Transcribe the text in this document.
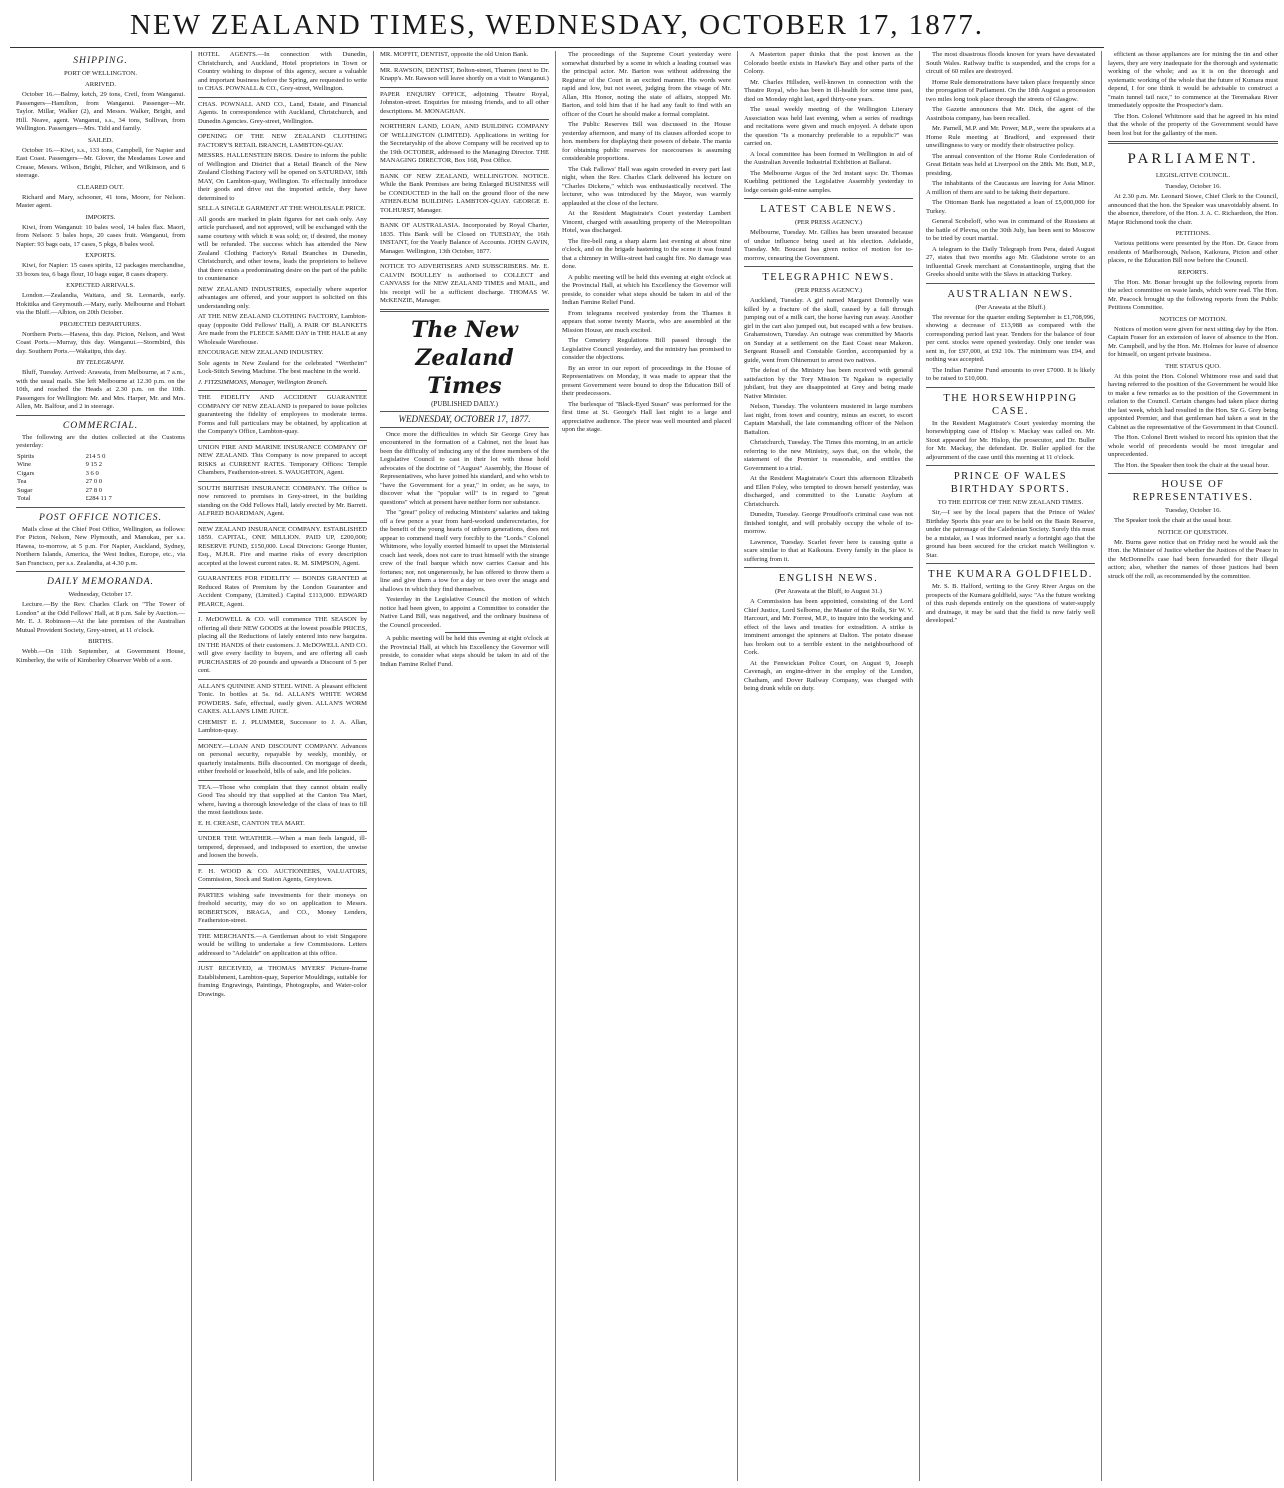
NEW ZEALAND TIMES, WEDNESDAY, OCTOBER 17, 1877.
SHIPPING.
PORT OF WELLINGTON.
ARRIVED.

October 16.—Balmy, ketch, 29 tons, Creil, from Wanganui. Passengers—Hamilton, from Wanganui. Passenger—Mr. Taylor. Millar, Walker (2), and Messrs. Walker, Bright, and Hill. Neave, agent. Wanganui, s.s., 34 tons, Sullivan, from Wellington. Passengers—Mrs. Tidd and family.

SAILED.

October 16.—Kiwi, s.s., 133 tons, Campbell, for Napier and East Coast. Passengers—Mr. Glover, the Mesdames Lowe and Crease, Messrs. Wilson, Bright, Pilcher, and Wilkinson, and 6 steerage.

CLEARED OUT.

Richard and Mary, schooner, 41 tons, Moore, for Nelson. Master agent.

IMPORTS.

Kiwi, from Wanganui: 10 bales wool, 14 bales flax. Maori, from Nelson: 5 bales hops, 20 cases fruit. Wanganui, from Napier: 93 bags oats, 17 cases, 5 pkgs, 8 bales wool.

EXPORTS.

Kiwi, for Napier: 15 cases spirits, 12 packages merchandise, 33 boxes tea, 6 bags flour, 10 bags sugar, 8 cases drapery.

EXPECTED ARRIVALS.

London.—Zealandia, Waitara, and St. Leonards, early. Hokitika and Greymouth.—Mary, early. Melbourne and Hobart via the Bluff.—Albion, on 20th October.

PROJECTED DEPARTURES.

Northern Ports.—Hawea, this day. Picton, Nelson, and West Coast Ports.—Murray, this day. Wanganui.—Stormbird, this day. Southern Ports.—Wakatipu, this day.

BY TELEGRAPH.

Bluff, Tuesday. Arrived: Arawata, from Melbourne, at 7 a.m., with the usual mails. She left Melbourne at 12.30 p.m. on the 10th, and reached the Heads at 2.30 p.m. on the 10th. Passengers for Wellington: Mr. and Mrs. Harper, Mr. and Mrs. Allen, Mr. Balfour, and 2 in steerage.

COMMERCIAL.

The following are the duties collected at the Customs yesterday:

Spirits	214 5 0
Wine	9 15 2
Cigars	3 6 0
Tea	27 0 0
Sugar	27 8 0
Total	£284 11 7
POST OFFICE NOTICES.

Mails close at the Chief Post Office, Wellington, as follows: For Picton, Nelson, New Plymouth, and Manukau, per s.s. Hawea, to-morrow, at 5 p.m. For Napier, Auckland, Sydney, Northern Islands, America, the West Indies, Europe, etc., via San Francisco, per s.s. Zealandia, at 4.30 p.m.

DAILY MEMORANDA.
Wednesday, October 17.

Lecture.—By the Rev. Charles Clark on "The Tower of London" at the Odd Fellows' Hall, at 8 p.m. Sale by Auction.—Mr. E. J. Robinson—At the late premises of the Australian Mutual Provident Society, Grey-street, at 11 o'clock.

BIRTHS.

Webb.—On 11th September, at Government House, Kimberley, the wife of Kimberley Observer Webb of a son.

HOTEL AGENTS.—In connection with Dunedin, Christchurch, and Auckland, Hotel proprietors in Town or Country wishing to dispose of this agency, secure a valuable and important business before the Spring, are requested to write to CHAS. POWNALL & CO., Grey-street, Wellington.

CHAS. POWNALL AND CO., Land, Estate, and Financial Agents. In correspondence with Auckland, Christchurch, and Dunedin Agencies. Grey-street, Wellington.

OPENING OF THE NEW ZEALAND CLOTHING FACTORY'S RETAIL BRANCH, LAMBTON-QUAY.

MESSRS. HALLENSTEIN BROS. Desire to inform the public of Wellington and District that a Retail Branch of the New Zealand Clothing Factory will be opened on SATURDAY, 18th MAY, On Lambton-quay, Wellington. To effectually introduce their goods and drive out the imported article, they have determined to

SELL A SINGLE GARMENT AT THE WHOLESALE PRICE.

All goods are marked in plain figures for net cash only. Any article purchased, and not approved, will be exchanged with the same courtesy with which it was sold; or, if desired, the money will be refunded. The success which has attended the New Zealand Clothing Factory's Retail Branches in Dunedin, Christchurch, and other towns, leads the proprietors to believe that there exists a predominating desire on the part of the public to countenance

NEW ZEALAND INDUSTRIES, especially where superior advantages are offered, and your support is solicited on this understanding only.

AT THE NEW ZEALAND CLOTHING FACTORY, Lambton-quay (opposite Odd Fellows' Hall), A PAIR OF BLANKETS Are made from the FLEECE SAME DAY in THE HALE at any Wholesale Warehouse.

ENCOURAGE NEW ZEALAND INDUSTRY.

Sole agents in New Zealand for the celebrated "Wertheim" Lock-Stitch Sewing Machine. The best machine in the world.

J. FITZSIMMONS, Manager, Wellington Branch.

THE FIDELITY AND ACCIDENT GUARANTEE COMPANY OF NEW ZEALAND is prepared to issue policies guaranteeing the fidelity of employees to moderate terms. Forms and full particulars may be obtained, by application at the Company's Office, Lambton-quay.

UNION FIRE AND MARINE INSURANCE COMPANY OF NEW ZEALAND. This Company is now prepared to accept RISKS at CURRENT RATES. Temporary Offices: Temple Chambers, Featherston-street. S. WAUGHTON, Agent.

SOUTH BRITISH INSURANCE COMPANY. The Office is now removed to premises in Grey-street, in the building standing on the Odd Fellows Hall, lately erected by Mr. Barrett. ALFRED BOARDMAN, Agent.

NEW ZEALAND INSURANCE COMPANY. ESTABLISHED 1859. CAPITAL, ONE MILLION. PAID UP, £200,000; RESERVE FUND, £150,000. Local Directors: George Hunter, Esq., M.H.R. Fire and marine risks of every description accepted at the lowest current rates. R. M. SIMPSON, Agent.

GUARANTEES FOR FIDELITY — BONDS GRANTED at Reduced Rates of Premium by the London Guarantee and Accident Company, (Limited.) Capital £113,000. EDWARD PEARCE, Agent.

J. McDOWELL & CO. will commence THE SEASON by offering all their NEW GOODS at the lowest possible PRICES, placing all the Reductions of lately entered into new bargains. IN THE HANDS of their customers. J. McDOWELL AND CO. will give every facility to buyers, and are offering all cash PURCHASERS of 20 pounds and upwards a Discount of 5 per cent.

ALLAN'S QUININE AND STEEL WINE. A pleasant efficient Tonic. In bottles at 5s. 6d. ALLAN'S WHITE WORM POWDERS. Safe, effectual, easily given. ALLAN'S WORM CAKES. ALLAN'S LIME JUICE.

CHEMIST E. J. PLUMMER, Successor to J. A. Allan, Lambton-quay.

MONEY.—LOAN AND DISCOUNT COMPANY. Advances on personal security, repayable by weekly, monthly, or quarterly instalments. Bills discounted. On mortgage of deeds, either freehold or leasehold, bills of sale, and life policies.

TEA.—Those who complain that they cannot obtain really Good Tea should try that supplied at the Canton Tea Mart, where, having a thorough knowledge of the class of teas to fill the most fastidious taste.

E. H. CREASE, CANTON TEA MART.

UNDER THE WEATHER.—When a man feels languid, ill-tempered, depressed, and indisposed to exertion, the unwise and loosen the bowels.

F. H. WOOD & CO. AUCTIONEERS, VALUATORS, Commission, Stock and Station Agents, Greytown.

PARTIES wishing safe investments for their moneys on freehold security, may do so on application to Messrs. ROBERTSON, BRAGA, and CO., Money Lenders, Featherston-street.

THE MERCHANTS.—A Gentleman about to visit Singapore would be willing to undertake a few Commissions. Letters addressed to "Adelaide" on application at this office.

JUST RECEIVED, at THOMAS MYERS' Picture-frame Establishment, Lambton-quay, Superior Mouldings, suitable for framing Engravings, Paintings, Photographs, and Water-color Drawings.

MR. MOFFIT, DENTIST, opposite the old Union Bank.

MR. RAWSON, DENTIST, Bolton-street, Thames (next to Dr. Knapp's. Mr. Rawson will leave shortly on a visit to Wanganui.)

PAPER ENQUIRY OFFICE, adjoining Theatre Royal, Johnston-street. Enquiries for missing friends, and to all other descriptions. M. MONAGHAN.

NORTHERN LAND, LOAN, AND BUILDING COMPANY OF WELLINGTON (LIMITED). Applications in writing for the Secretaryship of the above Company will be received up to the 19th OCTOBER, addressed to the Managing Director. THE MANAGING DIRECTOR, Box 168, Post Office.

BANK OF NEW ZEALAND, WELLINGTON. NOTICE. While the Bank Premises are being Enlarged BUSINESS will be CONDUCTED in the hall on the ground floor of the new ATHENÆUM BUILDING LAMBTON-QUAY. GEORGE E. TOLHURST, Manager.

BANK OF AUSTRALASIA. Incorporated by Royal Charter, 1835. This Bank will be Closed on TUESDAY, the 16th INSTANT, for the Yearly Balance of Accounts. JOHN GAVIN, Manager. Wellington, 13th October, 1877.

NOTICE TO ADVERTISERS AND SUBSCRIBERS. Mr. E. CALVIN BOULLEY is authorised to COLLECT and CANVASS for the NEW ZEALAND TIMES and MAIL, and his receipt will be a sufficient discharge. THOMAS W. McKENZIE, Manager.

The New Zealand Times
(PUBLISHED DAILY.)
WEDNESDAY, OCTOBER 17, 1877.

Once more the difficulties in which Sir George Grey has encountered in the formation of a Cabinet, not the least has been the difficulty of inducing any of the three members of the Legislative Council to cast in their lot with those hold advocates of the doctrine of "August" Assembly, the House of Representatives, who have joined his standard, and who wish to "have the Government for a year," in order, as he says, to discover what the "popular will" is in regard to "great questions" which at present have neither form nor substance.

The "great" policy of reducing Ministers' salaries and taking off a few pence a year from hard-worked underecretaries, for the benefit of the young hearts of unborn generations, does not appear to commend itself very forcibly to the "Lords." Colonel Whitmore, who loyally exerted himself to upset the Ministerial coach last week, does not care to trust himself with the strange crew of the frail barque which now carries Caesar and his fortunes; nor, not ungenerously, he has offered to throw them a line and give them a tow for a day or two over the snags and shallows in which they find themselves.

Yesterday in the Legislative Council the motion of which notice had been given, to appoint a Committee to consider the Native Land Bill, was negatived, and the ordinary business of the Council proceeded.

A public meeting will be held this evening at eight o'clock at the Provincial Hall, at which his Excellency the Governor will preside, to consider what steps should be taken in aid of the Indian Famine Relief Fund.

The proceedings of the Supreme Court yesterday were somewhat disturbed by a scene in which a leading counsel was the principal actor. Mr. Barton was without addressing the Registrar of the Court in an excited manner. His words were rapid and low, but not sweet, judging from the visage of Mr. Allan, His Honor, noting the state of affairs, stopped Mr. Barton, and told him that if he had any fault to find with an officer of the Court he should make a formal complaint.

The Public Reserves Bill was discussed in the House yesterday afternoon, and many of its clauses afforded scope to hon. members for displaying their powers of debate. The mania for obtaining public reserves for racecourses is assuming considerable proportions.

The Oak Fallows' Hall was again crowded in every part last night, when the Rev. Charles Clark delivered his lecture on "Charles Dickens," which was enthusiastically received. The lecturer, who was introduced by the Mayor, was warmly applauded at the close of the lecture.

At the Resident Magistrate's Court yesterday Lambert Vincent, charged with assaulting property of the Metropolitan Hotel, was discharged.

The fire-bell rang a sharp alarm last evening at about nine o'clock, and on the brigade hastening to the scene it was found that a chimney in Willis-street had caught fire. No damage was done.

A public meeting will be held this evening at eight o'clock at the Provincial Hall, at which his Excellency the Governor will preside, to consider what steps should be taken in aid of the Indian Famine Relief Fund.

From telegrams received yesterday from the Thames it appears that some twenty Maoris, who are assembled at the Mission House, are much excited.

The Cemetery Regulations Bill passed through the Legislative Council yesterday, and the ministry has promised to consider the objections.

By an error in our report of proceedings in the House of Representatives on Monday, it was made to appear that the present Government were bound to drop the Education Bill of their predecessors.

The burlesque of "Black-Eyed Susan" was performed for the first time at St. George's Hall last night to a large and appreciative audience. The piece was well mounted and placed upon the stage.

A Masterton paper thinks that the post known as the Colorado beetle exists in Hawke's Bay and other parts of the Colony.

Mr. Charles Hillsden, well-known in connection with the Theatre Royal, who has been in ill-health for some time past, died on Monday night last, aged thirty-one years.

The usual weekly meeting of the Wellington Literary Association was held last evening, when a series of readings and recitations were given and much enjoyed. A debate upon the question "Is a monarchy preferable to a republic?" was carried on.

A local committee has been formed in Wellington in aid of the Australian Juvenile Industrial Exhibition at Ballarat.

The Melbourne Argus of the 3rd instant says: Dr. Thomas Kuehling petitioned the Legislative Assembly yesterday to lodge certain gold-mine samples.

LATEST CABLE NEWS.
(PER PRESS AGENCY.)

Melbourne, Tuesday. Mr. Gillies has been unseated because of undue influence being used at his election. Adelaide, Tuesday. Mr. Boucaut has given notice of motion for to-morrow, censuring the Government.

TELEGRAPHIC NEWS.
(PER PRESS AGENCY.)

Auckland, Tuesday. A girl named Margaret Donnelly was killed by a fracture of the skull, caused by a fall through jumping out of a milk cart, the horse having run away. Another girl in the cart also jumped out, but escaped with a few bruises. Grahamstown, Tuesday. An outrage was committed by Maoris on Sunday at a settlement on the East Coast near Makeon. Sergeant Russell and Constable Gordon, accompanied by a guide, went from Ohinemuri to arrest two natives.

The defeat of the Ministry has been received with general satisfaction by the Tory Mission Te Ngakau is especially jubilant, but they are disappointed at Grey and being made Native Minister.

Nelson, Tuesday. The volunteers mustered in large numbers last night, from town and country, minus an escort, to escort Captain Marshall, the late commanding officer of the Nelson Battalion.

Christchurch, Tuesday. The Times this morning, in an article referring to the new Ministry, says that, on the whole, the statement of the Premier is reasonable, and entitles the Government to a trial.

At the Resident Magistrate's Court this afternoon Elizabeth and Ellen Foley, who tempted to drown herself yesterday, was discharged, and committed to the Lunatic Asylum at Christchurch.

Dunedin, Tuesday. George Proudfoot's criminal case was not finished tonight, and will probably occupy the whole of to-morrow.

Lawrence, Tuesday. Scarlet fever here is causing quite a scare similar to that at Kaikoura. Every family in the place is suffering from it.

ENGLISH NEWS.
(Per Arawata at the Bluff, to August 31.)

A Commission has been appointed, consisting of the Lord Chief Justice, Lord Selborne, the Master of the Rolls, Sir W. V. Harcourt, and Mr. Forrest, M.P., to inquire into the working and effect of the laws and treaties for extradition. A strike is imminent amongst the spinners at Dalton. The potato disease has broken out to a terrible extent in the neighbourhood of Cork.

At the Fenwickian Police Court, on August 9, Joseph Cavenagh, an engine-driver in the employ of the London, Chatham, and Dover Railway Company, was charged with being drunk while on duty.

The most disastrous floods known for years have devastated South Wales. Railway traffic is suspended, and the crops for a circuit of 60 miles are destroyed.

Home Rule demonstrations have taken place frequently since the prorogation of Parliament. On the 18th August a procession two miles long took place through the streets of Glasgow.

The Gazette announces that Mr. Dick, the agent of the Assiniboia company, has been recalled.

Mr. Parnell, M.P. and Mr. Power, M.P., were the speakers at a Home Rule meeting at Bradford, and expressed their unwillingness to vary or modify their obstructive policy.

The annual convention of the Home Rule Confederation of Great Britain was held at Liverpool on the 28th. Mr. Butt, M.P., presiding.

The inhabitants of the Caucasus are leaving for Asia Minor. A million of them are said to be taking their departure.

The Ottoman Bank has negotiated a loan of £5,000,000 for Turkey.

General Scobeloff, who was in command of the Russians at the battle of Plevna, on the 30th July, has been sent to Moscow to be tried by court martial.

A telegram to the Daily Telegraph from Pera, dated August 27, states that two months ago Mr. Gladstone wrote to an influential Greek merchant at Constantinople, urging that the Greeks should unite with the Slavs in attacking Turkey.

AUSTRALIAN NEWS.
(Per Arawata at the Bluff.)

The revenue for the quarter ending September is £1,708,996, showing a decrease of £13,988 as compared with the corresponding period last year. Tenders for the balance of four per cent. stocks were opened yesterday. Only one tender was sent in, for £97,000, at £92 10s. The minimum was £94, and nothing was accepted.

The Indian Famine Fund amounts to over £7000. It is likely to be raised to £10,000.

THE HORSEWHIPPING CASE.

In the Resident Magistrate's Court yesterday morning the horsewhipping case of Hislop v. Mackay was called on. Mr. Stout appeared for Mr. Hislop, the prosecutor, and Dr. Buller for Mr. Mackay, the defendant. Dr. Buller applied for the adjournment of the case until this morning at 11 o'clock.

PRINCE OF WALES BIRTHDAY SPORTS.
TO THE EDITOR OF THE NEW ZEALAND TIMES.

Sir,—I see by the local papers that the Prince of Wales' Birthday Sports this year are to be held on the Basin Reserve, under the patronage of the Caledonian Society. Surely this must be a mistake, as I was informed nearly a fortnight ago that the ground has been secured for the cricket match Wellington v. Star.

THE KUMARA GOLDFIELD.

Mr. S. B. Halford, writing to the Grey River Argus on the prospects of the Kumara goldfield, says: "As the future working of this rush depends entirely on the questions of water-supply and drainage, it may be said that the field is now fairly well developed."

efficient as those appliances are for mining the tin and other layers, they are very inadequate for the thorough and systematic working of the whole; and as it is on the thorough and systematic working of the whole that the future of Kumara must depend, I for one think it would be advisable to construct a "main tunnel tail race," to commence at the Teremakau River immediately opposite the Prospector's dam.

The Hon. Colonel Whitmore said that he agreed in his mind that the whole of the property of the Government would have been lost but for the gallantry of the men.

PARLIAMENT.
LEGISLATIVE COUNCIL.
Tuesday, October 16.

At 2.30 p.m. Mr. Leonard Stowe, Chief Clerk to the Council, announced that the hon. the Speaker was unavoidably absent. In the absence, therefore, of the Hon. J. A. C. Richardson, the Hon. Major Richmond took the chair.

PETITIONS.

Various petitions were presented by the Hon. Dr. Grace from residents of Marlborough, Nelson, Kaikoura, Picton and other places, re the Education Bill now before the Council.

REPORTS.

The Hon. Mr. Bonar brought up the following reports from the select committee on waste lands, which were read. The Hon. Mr. Peacock brought up the following reports from the Public Petitions Committee.

NOTICES OF MOTION.

Notices of motion were given for next sitting day by the Hon. Captain Fraser for an extension of leave of absence to the Hon. Mr. Campbell, and by the Hon. Mr. Holmes for leave of absence for himself, on urgent private business.

THE STATUS QUO.

At this point the Hon. Colonel Whitmore rose and said that having referred to the position of the Government he would like to make a few remarks as to the position of the Government in relation to the Council. Certain changes had taken place during the last week, which had resulted in the Hon. Sir G. Grey being appointed Premier, and that gentleman had taken a seat in the Cabinet as the representative of the Government in that Council.

The Hon. Colonel Brett wished to record his opinion that the whole world of precedents would be most irregular and unprecedented.

The Hon. the Speaker then took the chair at the usual hour.

HOUSE OF REPRESENTATIVES.
Tuesday, October 16.

The Speaker took the chair at the usual hour.

NOTICE OF QUESTION.

Mr. Burns gave notice that on Friday next he would ask the Hon. the Minister of Justice whether the Justices of the Peace in the McDonnell's case had been forwarded for their illegal action; also, whether the names of those justices had been struck off the roll, as recommended by the committee.
